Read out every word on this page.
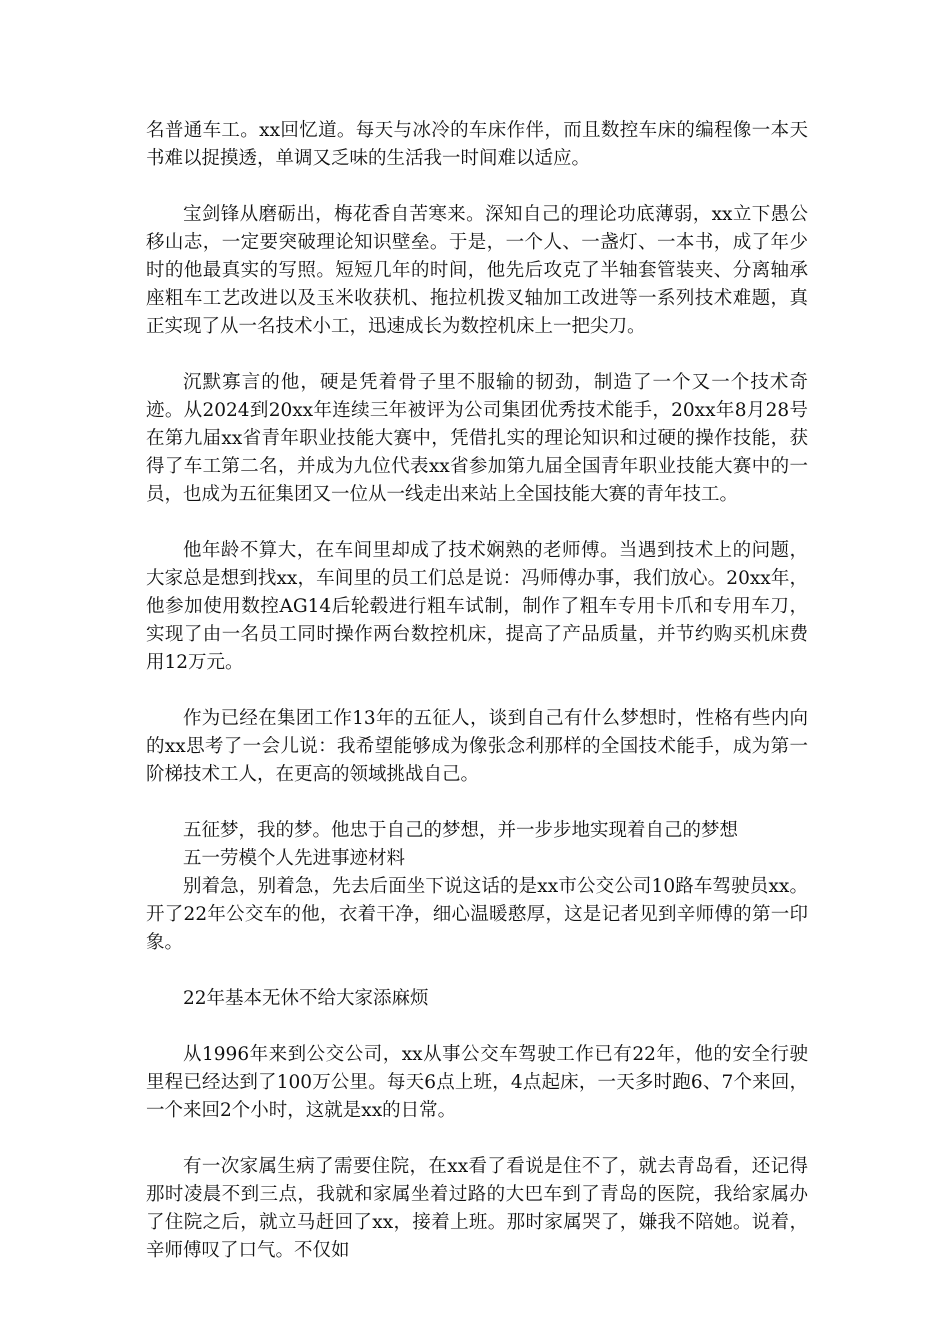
名普通车工。xx回忆道。每天与冰冷的车床作伴，而且数控车床的编程像一本天书难以捉摸透，单调又乏味的生活我一时间难以适应。

宝剑锋从磨砺出，梅花香自苦寒来。深知自己的理论功底薄弱，xx立下愚公移山志，一定要突破理论知识壁垒。于是，一个人、一盏灯、一本书，成了年少时的他最真实的写照。短短几年的时间，他先后攻克了半轴套管装夹、分离轴承座粗车工艺改进以及玉米收获机、拖拉机拨叉轴加工改进等一系列技术难题，真正实现了从一名技术小工，迅速成长为数控机床上一把尖刀。

沉默寡言的他，硬是凭着骨子里不服输的韧劲，制造了一个又一个技术奇迹。从2024到20xx年连续三年被评为公司集团优秀技术能手，20xx年8月28号在第九届xx省青年职业技能大赛中，凭借扎实的理论知识和过硬的操作技能，获得了车工第二名，并成为九位代表xx省参加第九届全国青年职业技能大赛中的一员，也成为五征集团又一位从一线走出来站上全国技能大赛的青年技工。

他年龄不算大，在车间里却成了技术娴熟的老师傅。当遇到技术上的问题，大家总是想到找xx，车间里的员工们总是说：冯师傅办事，我们放心。20xx年，他参加使用数控AG14后轮毂进行粗车试制，制作了粗车专用卡爪和专用车刀，实现了由一名员工同时操作两台数控机床，提高了产品质量，并节约购买机床费用12万元。

作为已经在集团工作13年的五征人，谈到自己有什么梦想时，性格有些内向的xx思考了一会儿说：我希望能够成为像张念利那样的全国技术能手，成为第一阶梯技术工人，在更高的领域挑战自己。

五征梦，我的梦。他忠于自己的梦想，并一步步地实现着自己的梦想

五一劳模个人先进事迹材料

别着急，别着急，先去后面坐下说这话的是xx市公交公司10路车驾驶员xx。开了22年公交车的他，衣着干净，细心温暖憨厚，这是记者见到辛师傅的第一印象。

22年基本无休不给大家添麻烦

从1996年来到公交公司，xx从事公交车驾驶工作已有22年，他的安全行驶里程已经达到了100万公里。每天6点上班，4点起床，一天多时跑6、7个来回，一个来回2个小时，这就是xx的日常。

有一次家属生病了需要住院，在xx看了看说是住不了，就去青岛看，还记得那时凌晨不到三点，我就和家属坐着过路的大巴车到了青岛的医院，我给家属办了住院之后，就立马赶回了xx，接着上班。那时家属哭了，嫌我不陪她。说着，辛师傅叹了口气。不仅如
